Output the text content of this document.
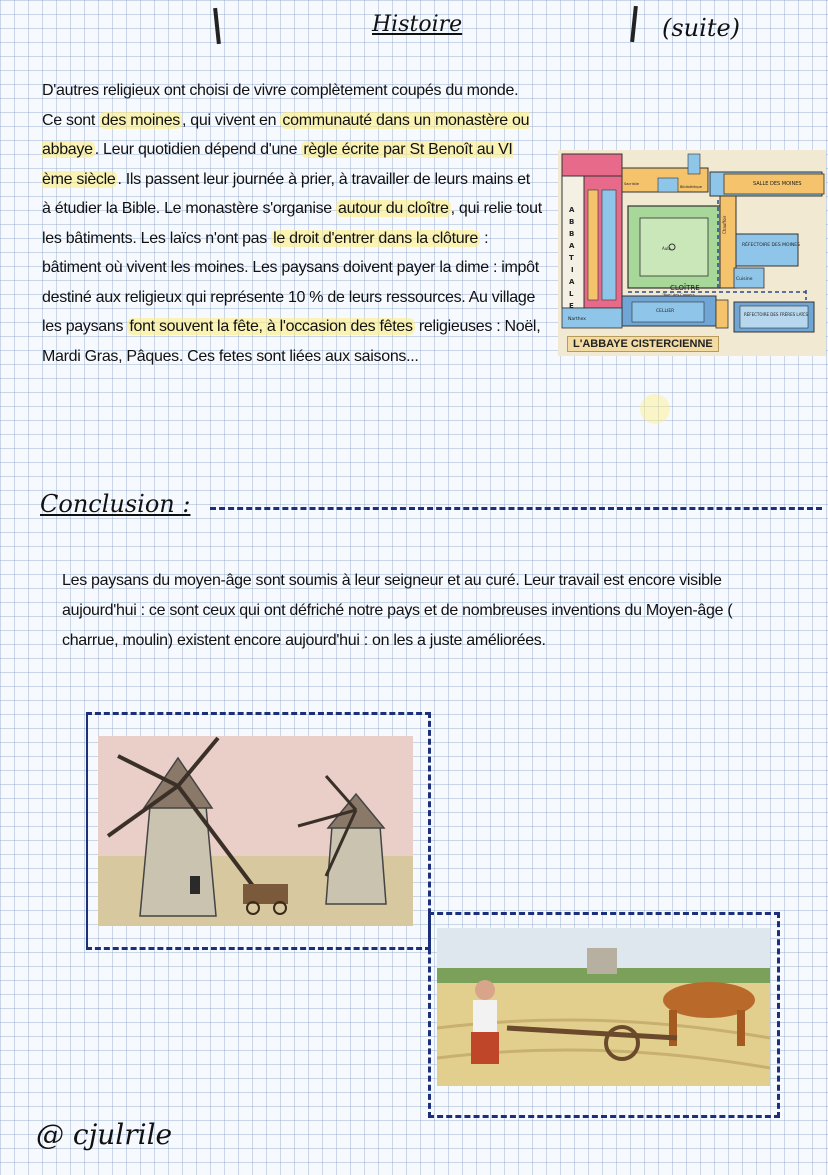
Histoire	(suite)
D'autres religieux ont choisi de vivre complètement coupés du monde. Ce sont des moines , qui vivent en communauté dans un monastère ou abbaye . Leur quotidien dépend d'une règle écrite par St Benoît au VI ème siècle . Ils passent leur journée à prier, à travailler de leurs mains et à étudier la Bible. Le monastère s'organise autour du cloître , qui relie tout les bâtiments. Les laïcs n'ont pas le droit d'entrer dans la clôture : bâtiment où vivent les moines. Les paysans doivent payer la dime : impôt destiné aux religieux qui représente 10 % de leurs ressources. Au village les paysans font souvent la fête, à l'occasion des fêtes religieuses : Noël, Mardi Gras, Pâques. Ces fetes sont liées aux saisons...
CLOÎTRE
SALLE DES MOINES
RÉFECTOIRE DES MOINES
Cuisine
CELLIER
RÉFECTOIRE DES FRÈRES LAÏCS
Narthex
Aula
"Rue" des Convers
Chauffoir
Sacristie
Bibliothèque
A
B
B
A
T
I
A
L
E
L'ABBAYE CISTERCIENNE
Conclusion :
Les paysans du moyen-âge sont soumis à leur seigneur et au curé. Leur travail est encore visible aujourd'hui : ce sont ceux qui ont défriché notre pays et de nombreuses inventions du Moyen-âge ( charrue, moulin) existent encore aujourd'hui : on les a juste améliorées.
@ cjulrile
